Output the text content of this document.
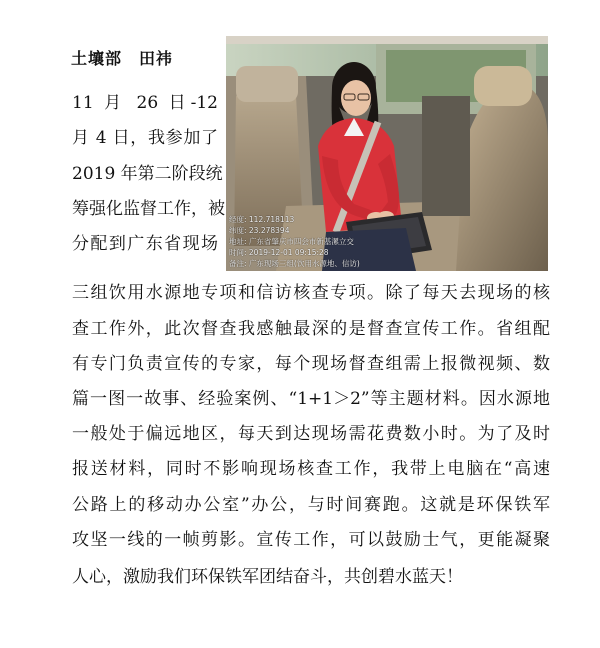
土壤部　田祎
11 月 26 日-12
月 4 日，我参加了
2019 年第二阶段统
筹强化监督工作，被
分配到广东省现场
三组饮用水源地专项和信访核查专项。除了每天去现场的核
查工作外，此次督查我感触最深的是督查宣传工作。省组配
有专门负责宣传的专家，每个现场督查组需上报微视频、数
篇一图一故事、经验案例、“1+1＞2”等主题材料。因水源地
一般处于偏远地区，每天到达现场需花费数小时。为了及时
报送材料，同时不影响现场核查工作，我带上电脑在“高速
公路上的移动办公室”办公，与时间赛跑。这就是环保铁军
攻坚一线的一帧剪影。宣传工作，可以鼓励士气，更能凝聚
人心，激励我们环保铁军团结奋斗，共创碧水蓝天！
经度: 112.718113
纬度: 23.278394
地址: 广东省肇庆市四会市新基漯立交
时间: 2019-12-01 09:15:28
备注: 广东现场三组(饮用水源地、信访)
